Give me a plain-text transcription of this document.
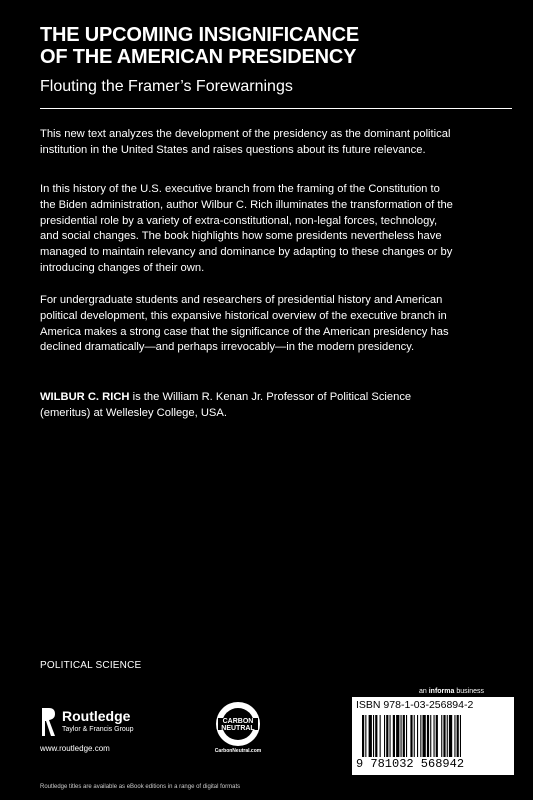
THE UPCOMING INSIGNIFICANCE
OF THE AMERICAN PRESIDENCY
Flouting the Framer’s Forewarnings
This new text analyzes the development of the presidency as the dominant political
institution in the United States and raises questions about its future relevance.
In this history of the U.S. executive branch from the framing of the Constitution to
the Biden administration, author Wilbur C. Rich illuminates the transformation of the
presidential role by a variety of extra-constitutional, non-legal forces, technology,
and social changes. The book highlights how some presidents nevertheless have
managed to maintain relevancy and dominance by adapting to these changes or by
introducing changes of their own.
For undergraduate students and researchers of presidential history and American
political development, this expansive historical overview of the executive branch in
America makes a strong case that the significance of the American presidency has
declined dramatically—and perhaps irrevocably—in the modern presidency.
WILBUR C. RICH is the William R. Kenan Jr. Professor of Political Science
(emeritus) at Wellesley College, USA.
POLITICAL SCIENCE
Routledge
Taylor & Francis Group
www.routledge.com
CARBON
NEUTRAL
CarbonNeutral.com
an informa business
ISBN 978-1-03-256894-2
9 781032 568942
Routledge titles are available as eBook editions in a range of digital formats
